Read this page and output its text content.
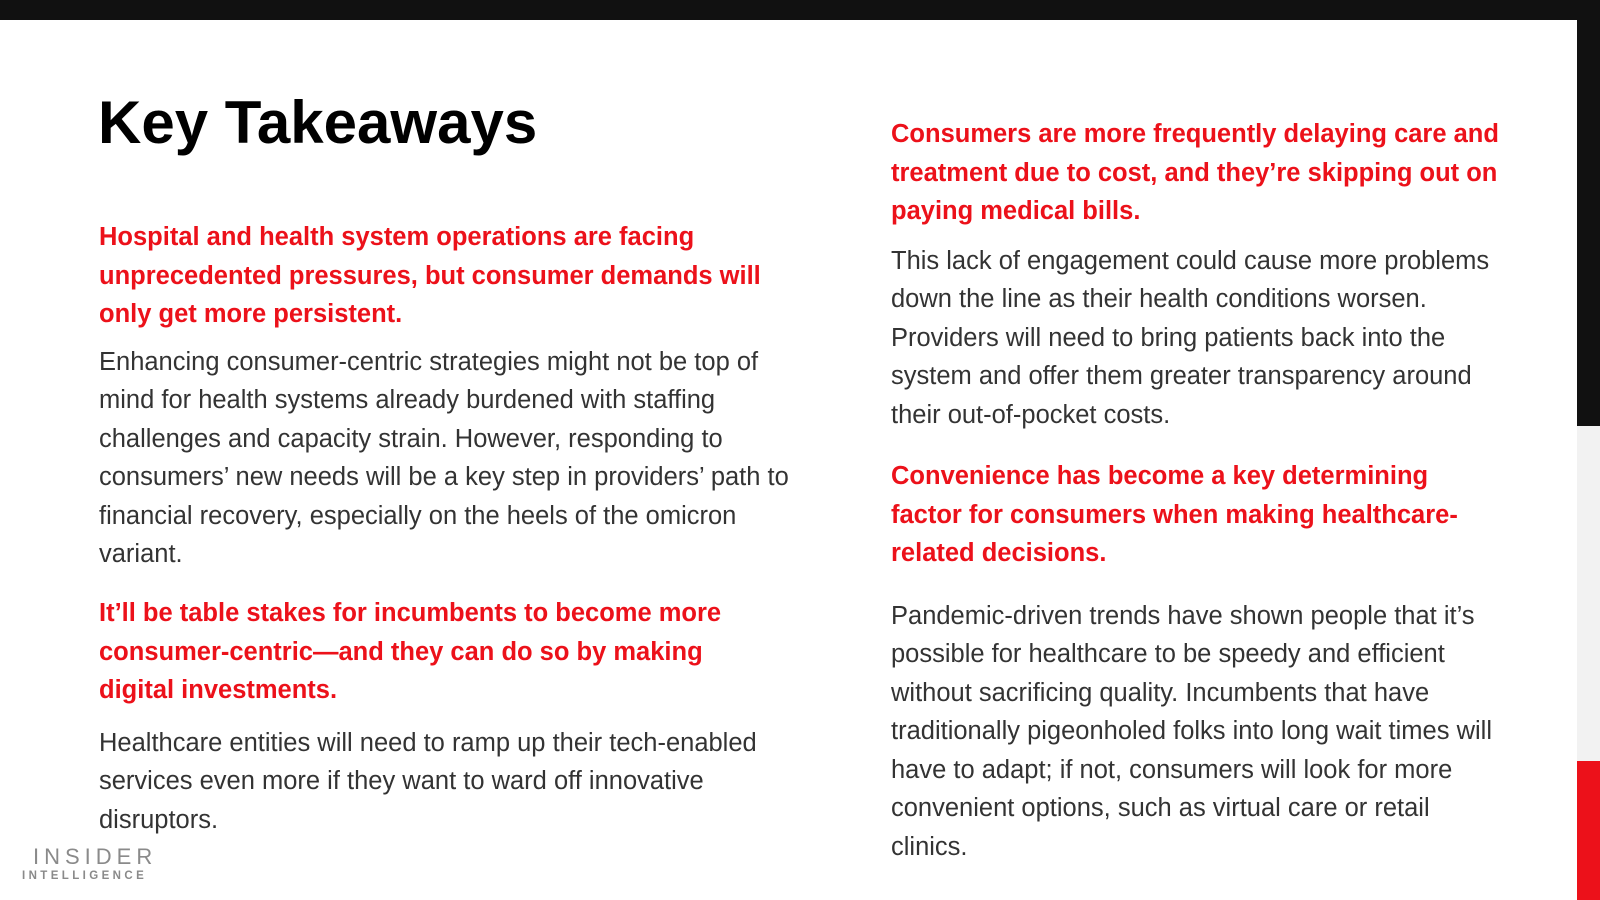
Key Takeaways

Hospital and health system operations are facing unprecedented pressures, but consumer demands will only get more persistent.

Enhancing consumer-centric strategies might not be top of mind for health systems already burdened with staffing challenges and capacity strain. However, responding to consumers’ new needs will be a key step in providers’ path to financial recovery, especially on the heels of the omicron variant.

It’ll be table stakes for incumbents to become more consumer-centric—and they can do so by making digital investments.

Healthcare entities will need to ramp up their tech-enabled services even more if they want to ward off innovative disruptors.

Consumers are more frequently delaying care and treatment due to cost, and they’re skipping out on paying medical bills.

This lack of engagement could cause more problems down the line as their health conditions worsen. Providers will need to bring patients back into the system and offer them greater transparency around their out-of-pocket costs.

Convenience has become a key determining factor for consumers when making healthcare-related decisions.

Pandemic-driven trends have shown people that it’s possible for healthcare to be speedy and efficient without sacrificing quality. Incumbents that have traditionally pigeonholed folks into long wait times will have to adapt; if not, consumers will look for more convenient options, such as virtual care or retail clinics.

INSIDER
INTELLIGENCE
